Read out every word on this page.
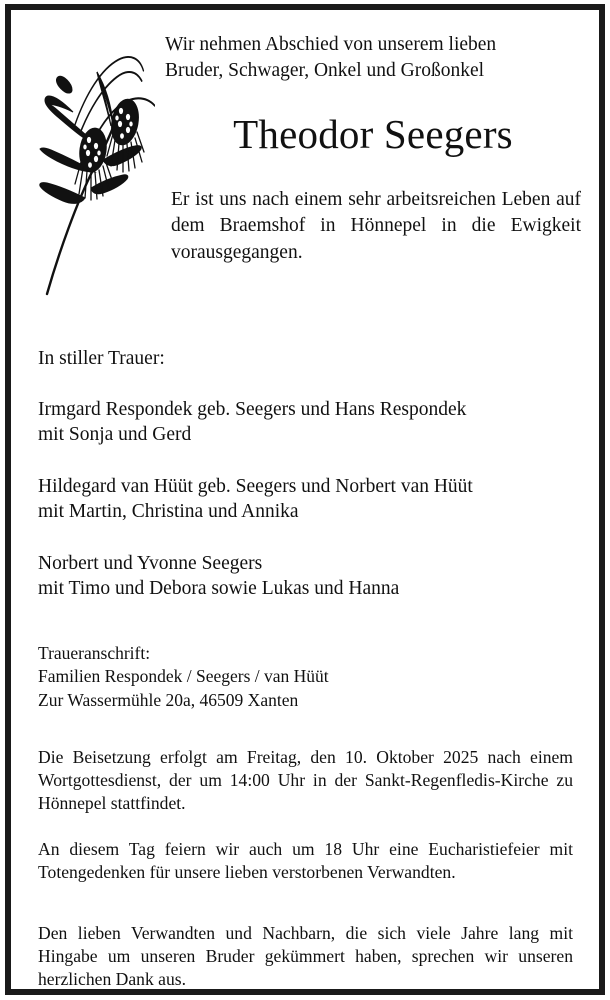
Wir nehmen Abschied von unserem lieben

Bruder, Schwager, Onkel und Großonkel

Theodor Seegers

Er ist uns nach einem sehr arbeitsreichen Leben auf dem Braemshof in Hönnepel in die Ewigkeit vorausgegangen.

In stiller Trauer:

Irmgard Respondek geb. Seegers und Hans Respondek
mit Sonja und Gerd
Hildegard van Hüüt geb. Seegers und Norbert van Hüüt
mit Martin, Christina und Annika
Norbert und Yvonne Seegers
mit Timo und Debora sowie Lukas und Hanna
Traueranschrift:
Familien Respondek / Seegers / van Hüüt
Zur Wassermühle 20a, 46509 Xanten

Die Beisetzung erfolgt am Freitag, den 10. Oktober 2025 nach einem Wortgottesdienst, der um 14:00 Uhr in der Sankt-Regenfledis-Kirche zu Hönnepel stattfindet.

An diesem Tag feiern wir auch um 18 Uhr eine Eucharistiefeier mit Totengedenken für unsere lieben verstorbenen Verwandten.

Den lieben Verwandten und Nachbarn, die sich viele Jahre lang mit Hingabe um unseren Bruder gekümmert haben, sprechen wir unseren herzlichen Dank aus.
